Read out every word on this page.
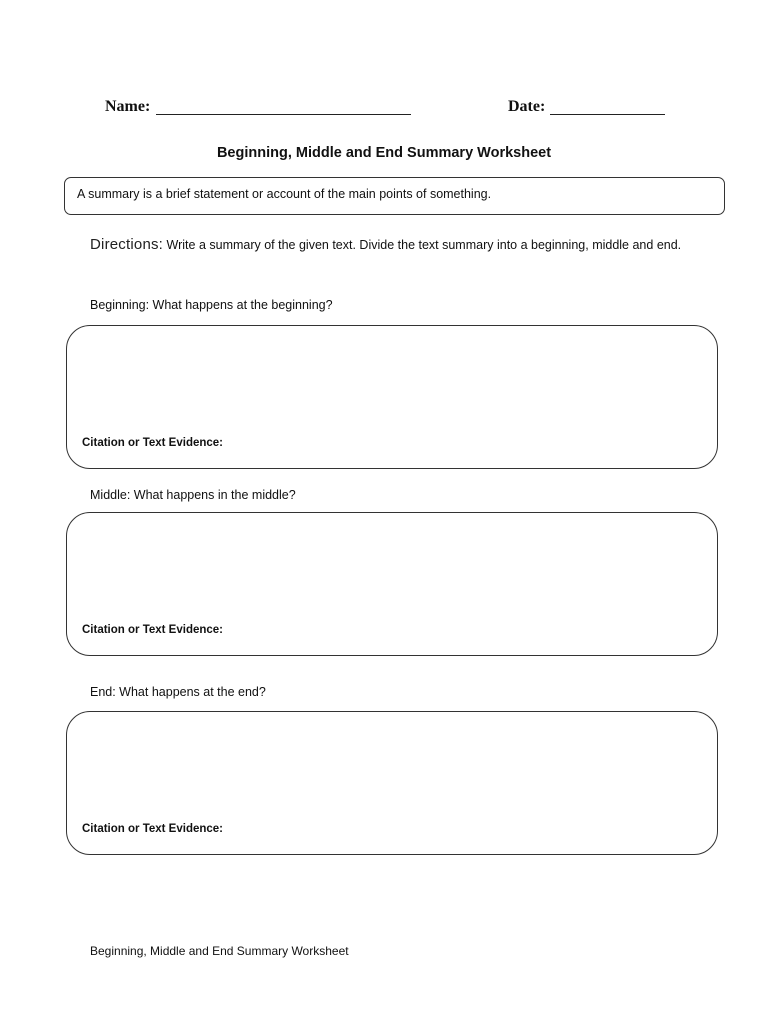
Name:	Date:
Beginning, Middle and End Summary Worksheet
A summary is a brief statement or account of the main points of something.
Directions: Write a summary of the given text. Divide the text summary into a beginning, middle and end.
Beginning: What happens at the beginning?
Citation or Text Evidence:
Middle: What happens in the middle?
Citation or Text Evidence:
End: What happens at the end?
Citation or Text Evidence:
Beginning, Middle and End Summary Worksheet
